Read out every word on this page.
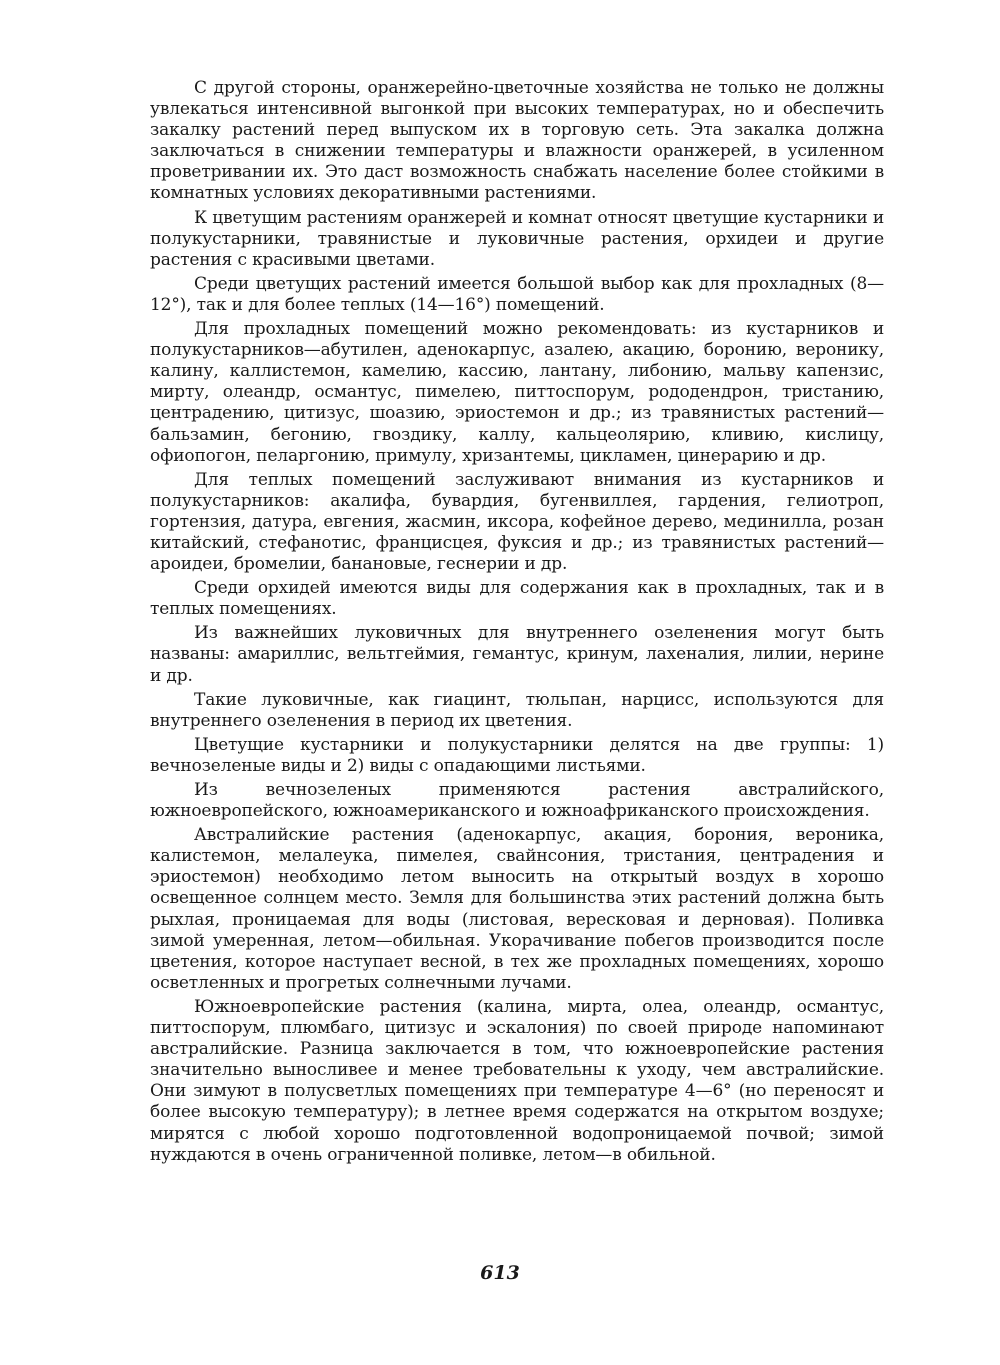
С другой стороны, оранжерейно-цветочные хозяйства не только не должны увлекаться интенсивной выгонкой при высоких температурах, но и обеспечить закалку растений перед выпуском их в торговую сеть. Эта закалка должна заключаться в снижении температуры и влажности оранжерей, в усиленном проветривании их. Это даст возможность снабжать население более стойкими в комнатных условиях декоративными растениями.

К цветущим растениям оранжерей и комнат относят цветущие кустарники и полукустарники, травянистые и луковичные растения, орхидеи и другие растения с красивыми цветами.

Среди цветущих растений имеется большой выбор как для прохладных (8—12°), так и для более теплых (14—16°) помещений.

Для прохладных помещений можно рекомендовать: из кустарников и полукустарников—абутилен, аденокарпус, азалею, акацию, боронию, веронику, калину, каллистемон, камелию, кассию, лантану, либонию, мальву капензис, мирту, олеандр, османтус, пимелею, питтоспорум, рододендрон, тристанию, центрадению, цитизус, шоазию, эриостемон и др.; из травянистых растений—бальзамин, бегонию, гвоздику, каллу, кальцеолярию, кливию, кислицу, офиопогон, пеларгонию, примулу, хризантемы, цикламен, цинерарию и др.

Для теплых помещений заслуживают внимания из кустарников и полукустарников: акалифа, бувардия, бугенвиллея, гардения, гелиотроп, гортензия, датура, евгения, жасмин, иксора, кофейное дерево, мединилла, розан китайский, стефанотис, францисцея, фуксия и др.; из травянистых растений—ароидеи, бромелии, банановые, геснерии и др.

Среди орхидей имеются виды для содержания как в прохладных, так и в теплых помещениях.

Из важнейших луковичных для внутреннего озеленения могут быть названы: амариллис, вельтгеймия, гемантус, кринум, лахеналия, лилии, нерине и др.

Такие луковичные, как гиацинт, тюльпан, нарцисс, используются для внутреннего озеленения в период их цветения.

Цветущие кустарники и полукустарники делятся на две группы: 1) вечнозеленые виды и 2) виды с опадающими листьями.

Из вечнозеленых применяются растения австралийского, южноевропейского, южноамериканского и южноафриканского происхождения.

Австралийские растения (аденокарпус, акация, борония, вероника, калистемон, мелалеука, пимелея, свайнсония, тристания, центрадения и эриостемон) необходимо летом выносить на открытый воздух в хорошо освещенное солнцем место. Земля для большинства этих растений должна быть рыхлая, проницаемая для воды (листовая, вересковая и дерновая). Поливка зимой умеренная, летом—обильная. Укорачивание побегов производится после цветения, которое наступает весной, в тех же прохладных помещениях, хорошо осветленных и прогретых солнечными лучами.

Южноевропейские растения (калина, мирта, олеа, олеандр, османтус, питтоспорум, плюмбаго, цитизус и эскалония) по своей природе напоминают австралийские. Разница заключается в том, что южноевропейские растения значительно выносливее и менее требовательны к уходу, чем австралийские. Они зимуют в полусветлых помещениях при температуре 4—6° (но переносят и более высокую температуру); в летнее время содержатся на открытом воздухе; мирятся с любой хорошо подготовленной водопроницаемой почвой; зимой нуждаются в очень ограниченной поливке, летом—в обильной.

613
